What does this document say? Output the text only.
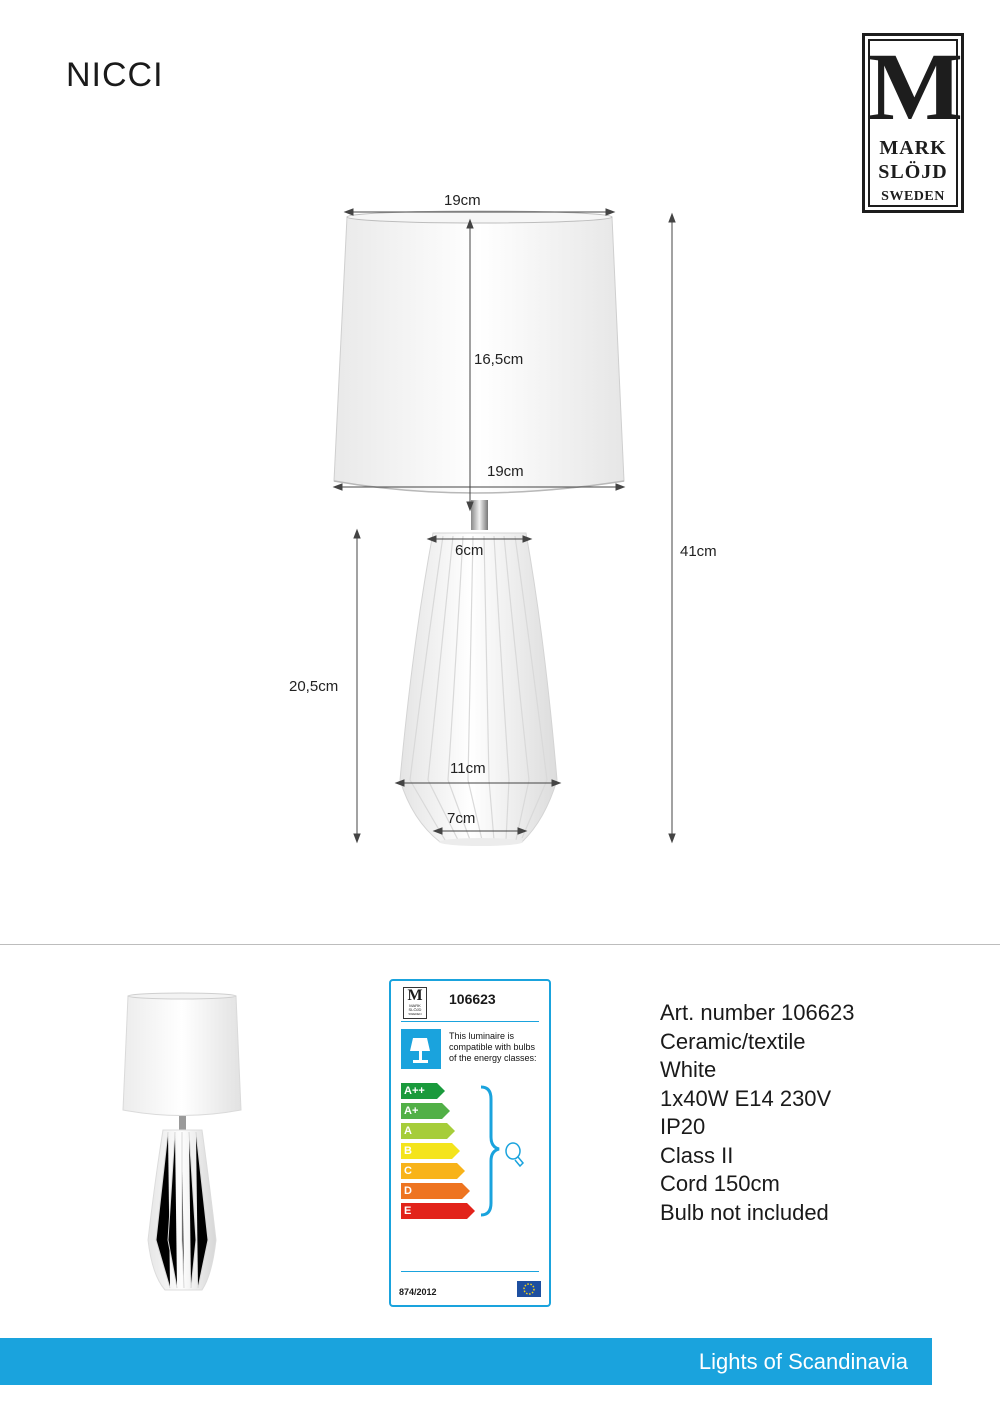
NICCI	M
MARK
SLÖJD
SWEDEN
19cm
16,5cm
19cm
6cm
20,5cm
11cm
7cm
41cm
M
MARK
SLÖJD
SWEDEN
106623
This luminaire is compatible with bulbs of the energy classes:
A++
A+
A
B
C
D
E
874/2012
Art. number 106623
Ceramic/textile
White
1x40W E14 230V
IP20
Class II
Cord 150cm
Bulb not included
Lights of Scandinavia
